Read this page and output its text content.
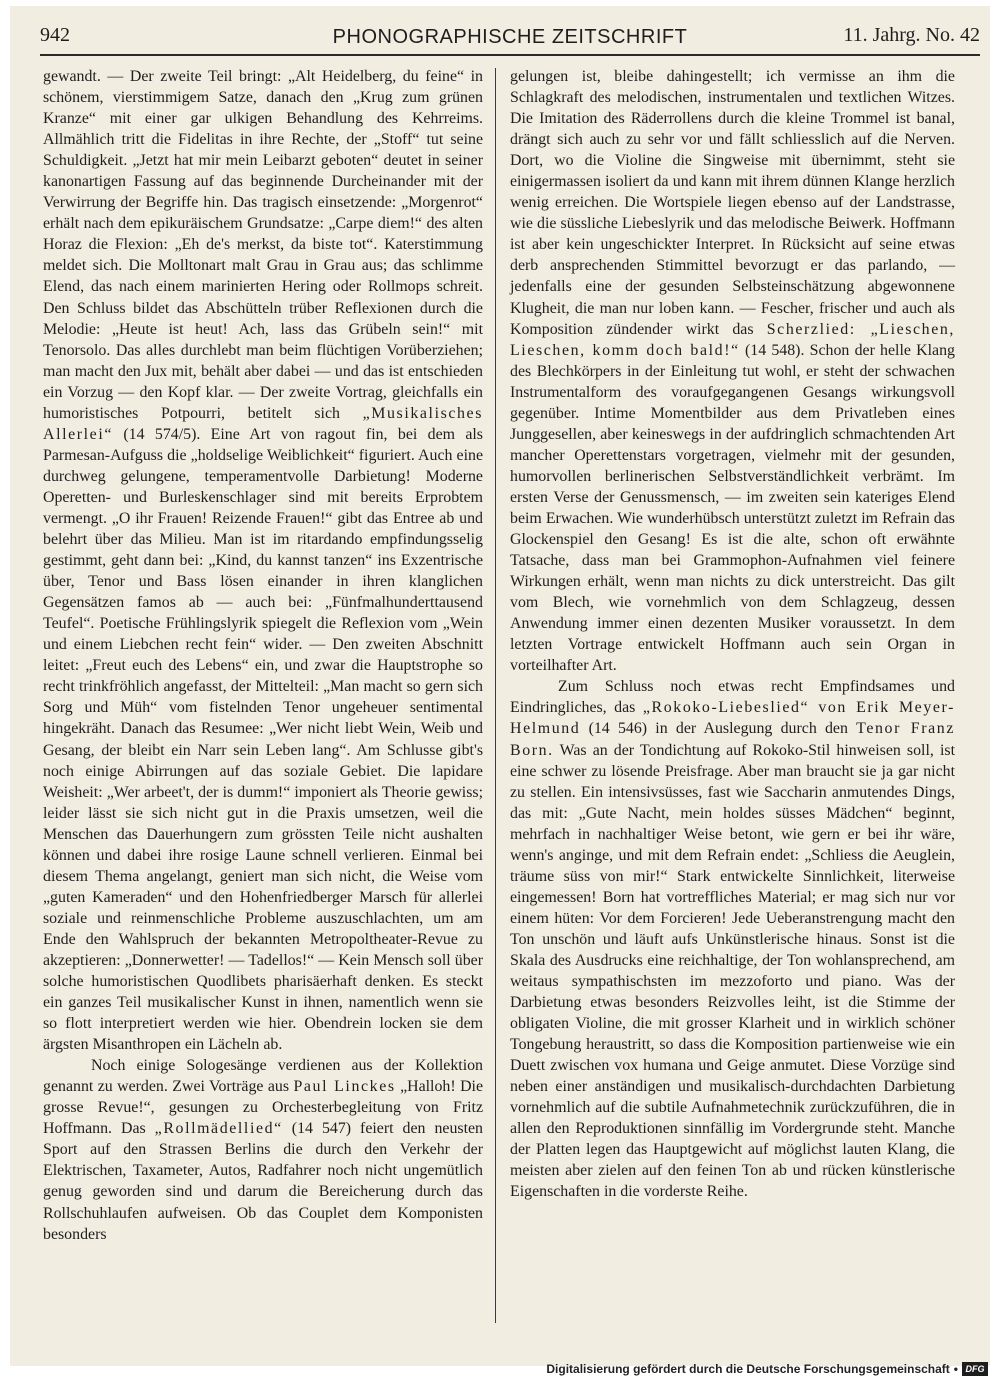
942	PHONOGRAPHISCHE ZEITSCHRIFT	11. Jahrg. No. 42

gewandt. — Der zweite Teil bringt: „Alt Heidelberg, du feine“ in schönem, vierstimmigem Satze, danach den „Krug zum grünen Kranze“ mit einer gar ulkigen Behandlung des Kehrreims. Allmählich tritt die Fidelitas in ihre Rechte, der „Stoff“ tut seine Schuldigkeit. „Jetzt hat mir mein Leibarzt geboten“ deutet in seiner kanonartigen Fassung auf das beginnende Durcheinander mit der Verwirrung der Begriffe hin. Das tragisch einsetzende: „Morgenrot“ erhält nach dem epikuräischem Grundsatze: „Carpe diem!“ des alten Horaz die Flexion: „Eh de's merkst, da biste tot“. Katerstimmung meldet sich. Die Molltonart malt Grau in Grau aus; das schlimme Elend, das nach einem marinierten Hering oder Rollmops schreit. Den Schluss bildet das Abschütteln trüber Reflexionen durch die Melodie: „Heute ist heut! Ach, lass das Grübeln sein!“ mit Tenorsolo. Das alles durchlebt man beim flüchtigen Vorüberziehen; man macht den Jux mit, behält aber dabei — und das ist entschieden ein Vorzug — den Kopf klar. — Der zweite Vortrag, gleichfalls ein humoristisches Potpourri, betitelt sich „Musikalisches Allerlei“ (14 574/5). Eine Art von ragout fin, bei dem als Parmesan-Aufguss die „holdselige Weiblichkeit“ figuriert. Auch eine durchweg gelungene, temperamentvolle Darbietung! Moderne Operetten- und Burleskenschlager sind mit bereits Erprobtem vermengt. „O ihr Frauen! Reizende Frauen!“ gibt das Entree ab und belehrt über das Milieu. Man ist im ritardando empfindungsselig gestimmt, geht dann bei: „Kind, du kannst tanzen“ ins Exzentrische über, Tenor und Bass lösen einander in ihren klanglichen Gegensätzen famos ab — auch bei: „Fünfmalhunderttausend Teufel“. Poetische Frühlingslyrik spiegelt die Reflexion vom „Wein und einem Liebchen recht fein“ wider. — Den zweiten Abschnitt leitet: „Freut euch des Lebens“ ein, und zwar die Hauptstrophe so recht trinkfröhlich angefasst, der Mittelteil: „Man macht so gern sich Sorg und Müh“ vom fistelnden Tenor ungeheuer sentimental hingekräht. Danach das Resumee: „Wer nicht liebt Wein, Weib und Gesang, der bleibt ein Narr sein Leben lang“. Am Schlusse gibt's noch einige Abirrungen auf das soziale Gebiet. Die lapidare Weisheit: „Wer arbeet't, der is dumm!“ imponiert als Theorie gewiss; leider lässt sie sich nicht gut in die Praxis umsetzen, weil die Menschen das Dauerhungern zum grössten Teile nicht aushalten können und dabei ihre rosige Laune schnell verlieren. Einmal bei diesem Thema angelangt, geniert man sich nicht, die Weise vom „guten Kameraden“ und den Hohenfriedberger Marsch für allerlei soziale und reinmenschliche Probleme auszuschlachten, um am Ende den Wahlspruch der bekannten Metropoltheater-Revue zu akzeptieren: „Donnerwetter! — Tadellos!“ — Kein Mensch soll über solche humoristischen Quodlibets pharisäerhaft denken. Es steckt ein ganzes Teil musikalischer Kunst in ihnen, namentlich wenn sie so flott interpretiert werden wie hier. Obendrein locken sie dem ärgsten Misanthropen ein Lächeln ab.

Noch einige Sologesänge verdienen aus der Kollektion genannt zu werden. Zwei Vorträge aus Paul Linckes „Halloh! Die grosse Revue!“, gesungen zu Orchesterbegleitung von Fritz Hoffmann. Das „Rollmädellied“ (14 547) feiert den neusten Sport auf den Strassen Berlins die durch den Verkehr der Elektrischen, Taxameter, Autos, Radfahrer noch nicht ungemütlich genug geworden sind und darum die Bereicherung durch das Rollschuhlaufen aufweisen. Ob das Couplet dem Komponisten besonders

gelungen ist, bleibe dahingestellt; ich vermisse an ihm die Schlagkraft des melodischen, instrumentalen und textlichen Witzes. Die Imitation des Räderrollens durch die kleine Trommel ist banal, drängt sich auch zu sehr vor und fällt schliesslich auf die Nerven. Dort, wo die Violine die Singweise mit übernimmt, steht sie einigermassen isoliert da und kann mit ihrem dünnen Klange herzlich wenig erreichen. Die Wortspiele liegen ebenso auf der Landstrasse, wie die süssliche Liebeslyrik und das melodische Beiwerk. Hoffmann ist aber kein ungeschickter Interpret. In Rücksicht auf seine etwas derb ansprechenden Stimmittel bevorzugt er das parlando, — jedenfalls eine der gesunden Selbsteinschätzung abgewonnene Klugheit, die man nur loben kann. — Fescher, frischer und auch als Komposition zündender wirkt das Scherzlied: „Lieschen, Lieschen, komm doch bald!“ (14 548). Schon der helle Klang des Blechkörpers in der Einleitung tut wohl, er steht der schwachen Instrumentalform des voraufgegangenen Gesangs wirkungsvoll gegenüber. Intime Momentbilder aus dem Privatleben eines Junggesellen, aber keineswegs in der aufdringlich schmachtenden Art mancher Operettenstars vorgetragen, vielmehr mit der gesunden, humorvollen berlinerischen Selbstverständlichkeit verbrämt. Im ersten Verse der Genussmensch, — im zweiten sein kateriges Elend beim Erwachen. Wie wunderhübsch unterstützt zuletzt im Refrain das Glockenspiel den Gesang! Es ist die alte, schon oft erwähnte Tatsache, dass man bei Grammophon-Aufnahmen viel feinere Wirkungen erhält, wenn man nichts zu dick unterstreicht. Das gilt vom Blech, wie vornehmlich von dem Schlagzeug, dessen Anwendung immer einen dezenten Musiker voraussetzt. In dem letzten Vortrage entwickelt Hoffmann auch sein Organ in vorteilhafter Art.

Zum Schluss noch etwas recht Empfindsames und Eindringliches, das „Rokoko-Liebeslied“ von Erik Meyer-Helmund (14 546) in der Auslegung durch den Tenor Franz Born. Was an der Tondichtung auf Rokoko-Stil hinweisen soll, ist eine schwer zu lösende Preisfrage. Aber man braucht sie ja gar nicht zu stellen. Ein intensivsüsses, fast wie Saccharin anmutendes Dings, das mit: „Gute Nacht, mein holdes süsses Mädchen“ beginnt, mehrfach in nachhaltiger Weise betont, wie gern er bei ihr wäre, wenn's anginge, und mit dem Refrain endet: „Schliess die Aeuglein, träume süss von mir!“ Stark entwickelte Sinnlichkeit, literweise eingemessen! Born hat vortreffliches Material; er mag sich nur vor einem hüten: Vor dem Forcieren! Jede Ueberanstrengung macht den Ton unschön und läuft aufs Unkünstlerische hinaus. Sonst ist die Skala des Ausdrucks eine reichhaltige, der Ton wohlansprechend, am weitaus sympathischsten im mezzoforto und piano. Was der Darbietung etwas besonders Reizvolles leiht, ist die Stimme der obligaten Violine, die mit grosser Klarheit und in wirklich schöner Tongebung heraustritt, so dass die Komposition partienweise wie ein Duett zwischen vox humana und Geige anmutet. Diese Vorzüge sind neben einer anständigen und musikalisch-durchdachten Darbietung vornehmlich auf die subtile Aufnahmetechnik zurückzuführen, die in allen den Reproduktionen sinnfällig im Vordergrunde steht. Manche der Platten legen das Hauptgewicht auf möglichst lauten Klang, die meisten aber zielen auf den feinen Ton ab und rücken künstlerische Eigenschaften in die vorderste Reihe.

Digitalisierung gefördert durch die Deutsche Forschungsgemeinschaft • DFG
